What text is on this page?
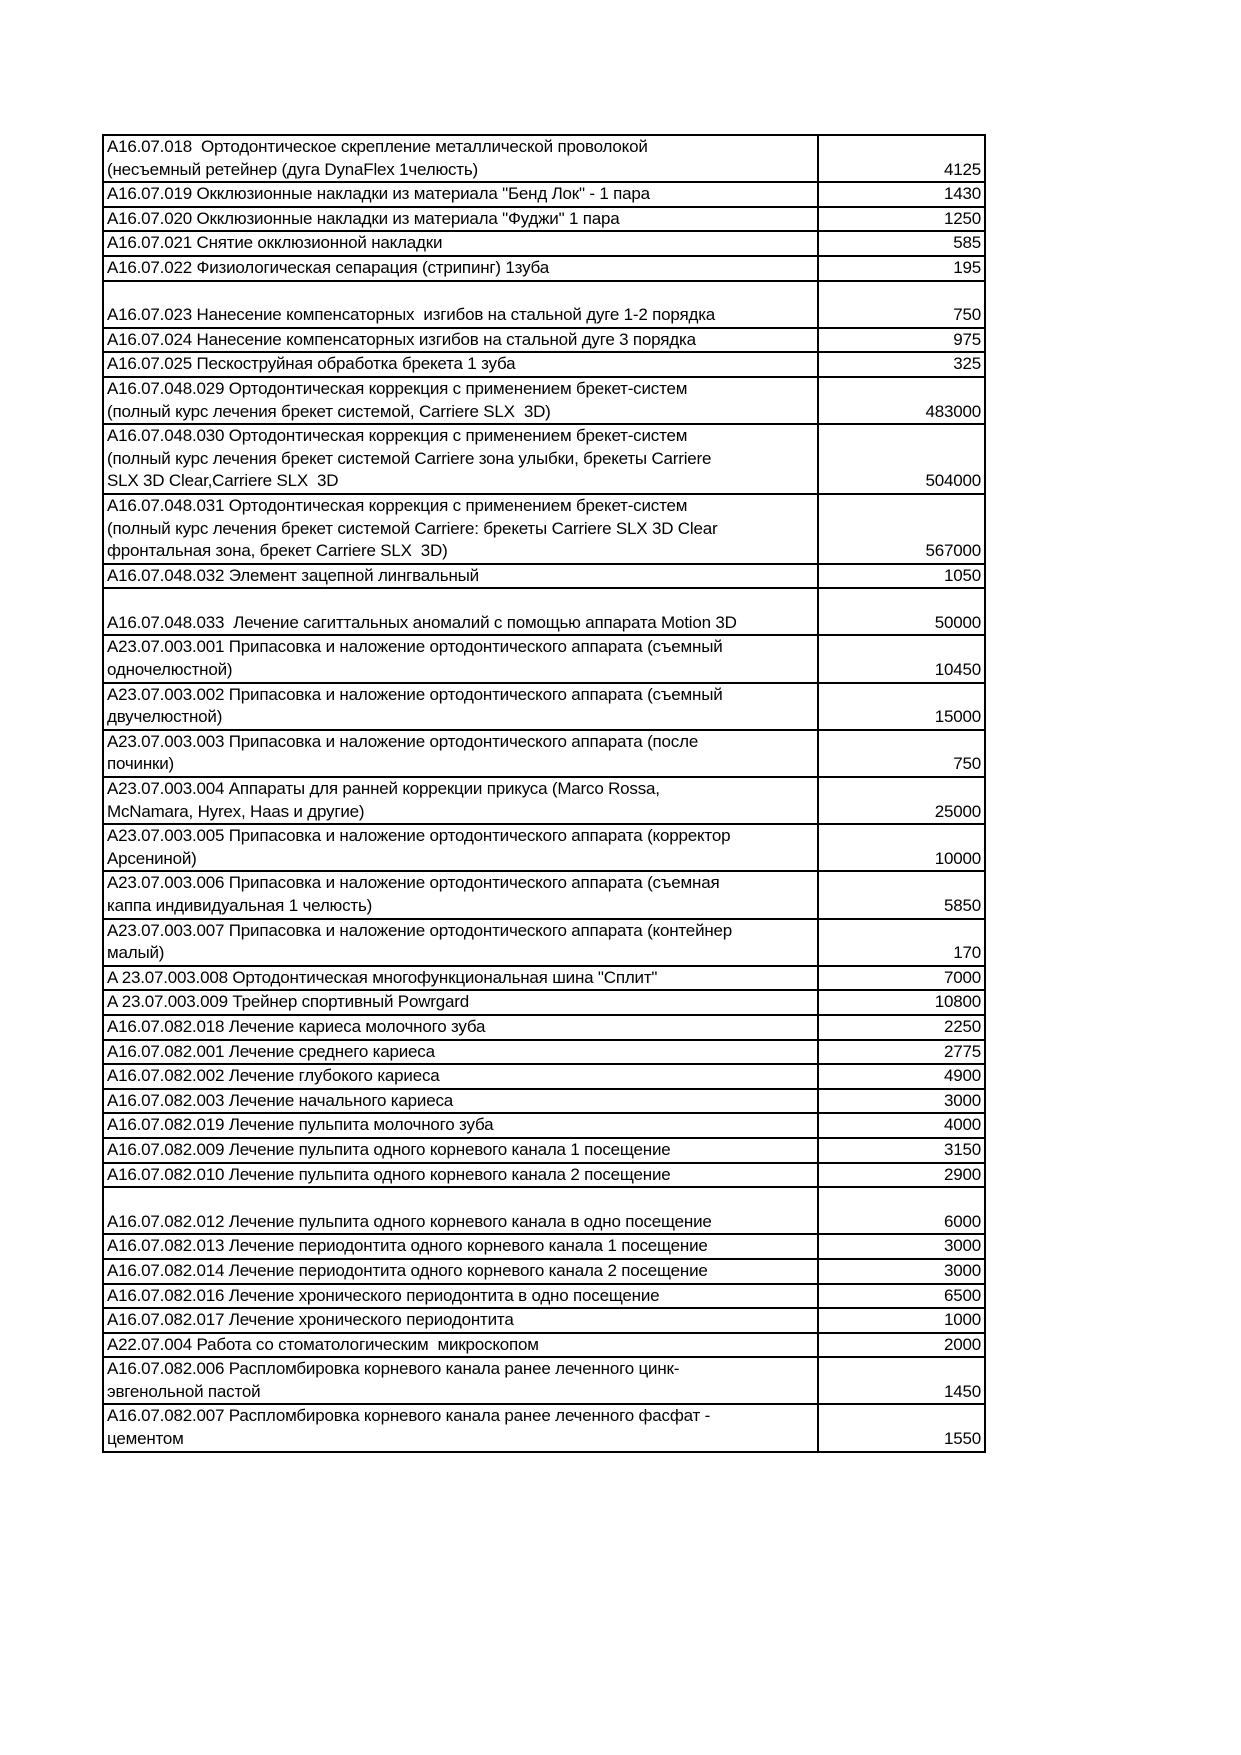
A16.07.018  Ортодонтическое скрепление металлической проволокой
(несъемный ретейнер (дуга DynaFlex 1челюсть)	4125

A16.07.019 Окклюзионные накладки из материала "Бенд Лок" - 1 пара	1430

A16.07.020 Окклюзионные накладки из материала "Фуджи" 1 пара	1250

A16.07.021 Снятие окклюзионной накладки	585

A16.07.022 Физиологическая сепарация (стрипинг) 1зуба	195

A16.07.023 Нанесение компенсаторных  изгибов на стальной дуге 1-2 порядка	750

A16.07.024 Нанесение компенсаторных изгибов на стальной дуге 3 порядка	975

A16.07.025 Пескоструйная обработка брекета 1 зуба	325

A16.07.048.029 Ортодонтическая коррекция с применением брекет-систем
(полный курс лечения брекет системой, Carriere SLX  3D)	483000

A16.07.048.030 Ортодонтическая коррекция с применением брекет-систем
(полный курс лечения брекет системой Carriere зона улыбки, брекеты Carriere
SLX 3D Clear,Carriere SLX  3D	504000

A16.07.048.031 Ортодонтическая коррекция с применением брекет-систем
(полный курс лечения брекет системой Carriere: брекеты Carriere SLX 3D Clear
фронтальная зона, брекет Carriere SLX  3D)	567000

A16.07.048.032 Элемент зацепной лингвальный	1050

A16.07.048.033  Лечение сагиттальных аномалий с помощью аппарата Motion 3D	50000

A23.07.003.001 Припасовка и наложение ортодонтического аппарата (съемный
одночелюстной)	10450

A23.07.003.002 Припасовка и наложение ортодонтического аппарата (съемный
двучелюстной)	15000

A23.07.003.003 Припасовка и наложение ортодонтического аппарата (после
починки)	750

A23.07.003.004 Аппараты для ранней коррекции прикуса (Marco Rossa,
McNamara, Hyrex, Haas и другие)	25000

A23.07.003.005 Припасовка и наложение ортодонтического аппарата (корректор
Арсениной)	10000

A23.07.003.006 Припасовка и наложение ортодонтического аппарата (съемная
каппа индивидуальная 1 челюсть)	5850

A23.07.003.007 Припасовка и наложение ортодонтического аппарата (контейнер
малый)	170

A 23.07.003.008 Ортодонтическая многофункциональная шина "Сплит"	7000

A 23.07.003.009 Трейнер спортивный Powrgard	10800

A16.07.082.018 Лечение кариеса молочного зуба	2250

A16.07.082.001 Лечение среднего кариеса	2775

A16.07.082.002 Лечение глубокого кариеса	4900

A16.07.082.003 Лечение начального кариеса	3000

A16.07.082.019 Лечение пульпита молочного зуба	4000

A16.07.082.009 Лечение пульпита одного корневого канала 1 посещение	3150

A16.07.082.010 Лечение пульпита одного корневого канала 2 посещение	2900

A16.07.082.012 Лечение пульпита одного корневого канала в одно посещение	6000

A16.07.082.013 Лечение периодонтита одного корневого канала 1 посещение	3000

A16.07.082.014 Лечение периодонтита одного корневого канала 2 посещение	3000

A16.07.082.016 Лечение хронического периодонтита в одно посещение	6500

A16.07.082.017 Лечение хронического периодонтита	1000

A22.07.004 Работа со стоматологическим  микроскопом	2000

A16.07.082.006 Распломбировка корневого канала ранее леченного цинк-
эвгенольной пастой	1450

A16.07.082.007 Распломбировка корневого канала ранее леченного фасфат -
цементом	1550
